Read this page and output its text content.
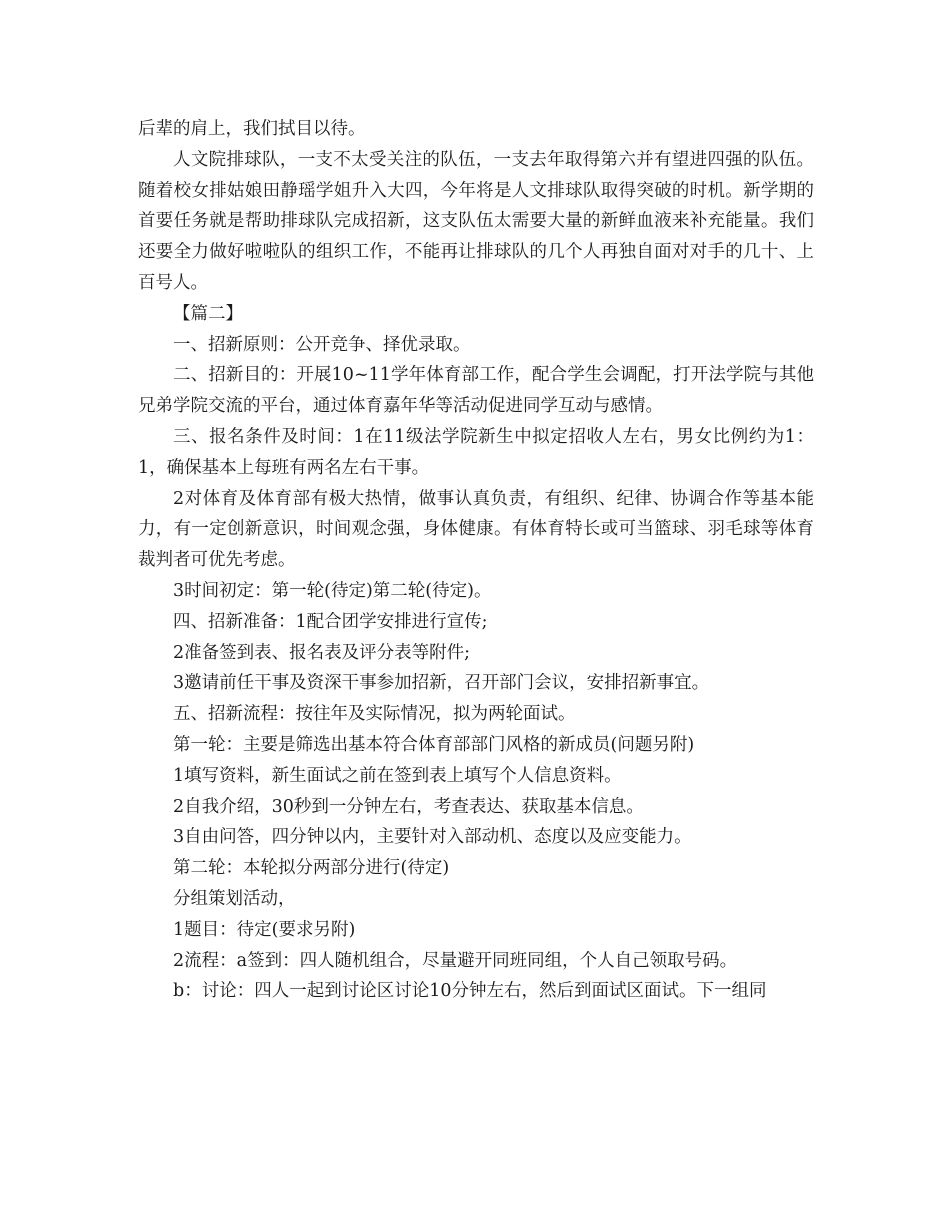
后辈的肩上，我们拭目以待。

人文院排球队，一支不太受关注的队伍，一支去年取得第六并有望进四强的队伍。随着校女排姑娘田静瑶学姐升入大四，今年将是人文排球队取得突破的时机。新学期的首要任务就是帮助排球队完成招新，这支队伍太需要大量的新鲜血液来补充能量。我们还要全力做好啦啦队的组织工作，不能再让排球队的几个人再独自面对对手的几十、上百号人。

【篇二】

一、招新原则：公开竞争、择优录取。

二、招新目的：开展10~11学年体育部工作，配合学生会调配，打开法学院与其他兄弟学院交流的平台，通过体育嘉年华等活动促进同学互动与感情。

三、报名条件及时间：1在11级法学院新生中拟定招收人左右，男女比例约为1：1，确保基本上每班有两名左右干事。

2对体育及体育部有极大热情，做事认真负责，有组织、纪律、协调合作等基本能力，有一定创新意识，时间观念强，身体健康。有体育特长或可当篮球、羽毛球等体育裁判者可优先考虑。

3时间初定：第一轮(待定)第二轮(待定)。

四、招新准备：1配合团学安排进行宣传;

2准备签到表、报名表及评分表等附件;

3邀请前任干事及资深干事参加招新，召开部门会议，安排招新事宜。

五、招新流程：按往年及实际情况，拟为两轮面试。

第一轮：主要是筛选出基本符合体育部部门风格的新成员(问题另附)

1填写资料，新生面试之前在签到表上填写个人信息资料。

2自我介绍，30秒到一分钟左右，考查表达、获取基本信息。

3自由问答，四分钟以内，主要针对入部动机、态度以及应变能力。

第二轮：本轮拟分两部分进行(待定)

分组策划活动，

1题目：待定(要求另附)

2流程：a签到：四人随机组合，尽量避开同班同组，个人自己领取号码。

b：讨论：四人一起到讨论区讨论10分钟左右，然后到面试区面试。下一组同
